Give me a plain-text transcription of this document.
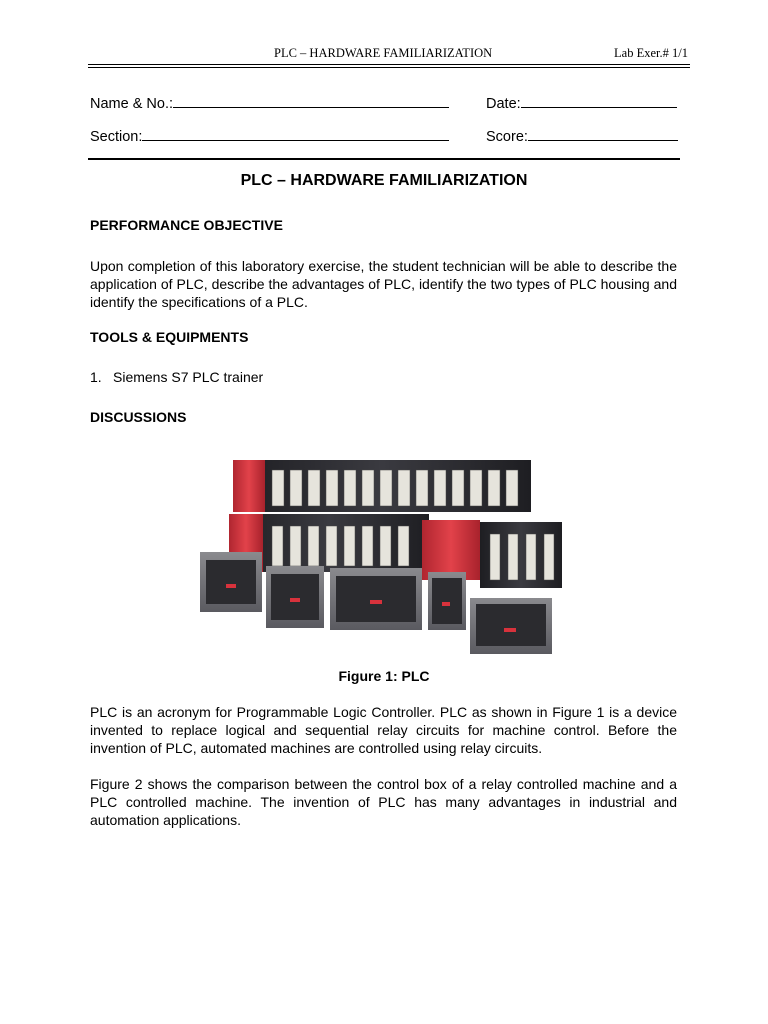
PLC – HARDWARE FAMILIARIZATION	Lab Exer.# 1/1
Name & No.:	Date:
Section:	Score:
PLC – HARDWARE FAMILIARIZATION
PERFORMANCE OBJECTIVE
Upon completion of this laboratory exercise, the student technician will be able to describe the application of PLC, describe the advantages of PLC, identify the two types of PLC housing and identify the specifications of a PLC.
TOOLS & EQUIPMENTS
1. Siemens S7 PLC trainer
DISCUSSIONS
Figure 1: PLC
PLC is an acronym for Programmable Logic Controller. PLC as shown in Figure 1 is a device invented to replace logical and sequential relay circuits for machine control. Before the invention of PLC, automated machines are controlled using relay circuits.
Figure 2 shows the comparison between the control box of a relay controlled machine and a PLC controlled machine. The invention of PLC has many advantages in industrial and automation applications.
